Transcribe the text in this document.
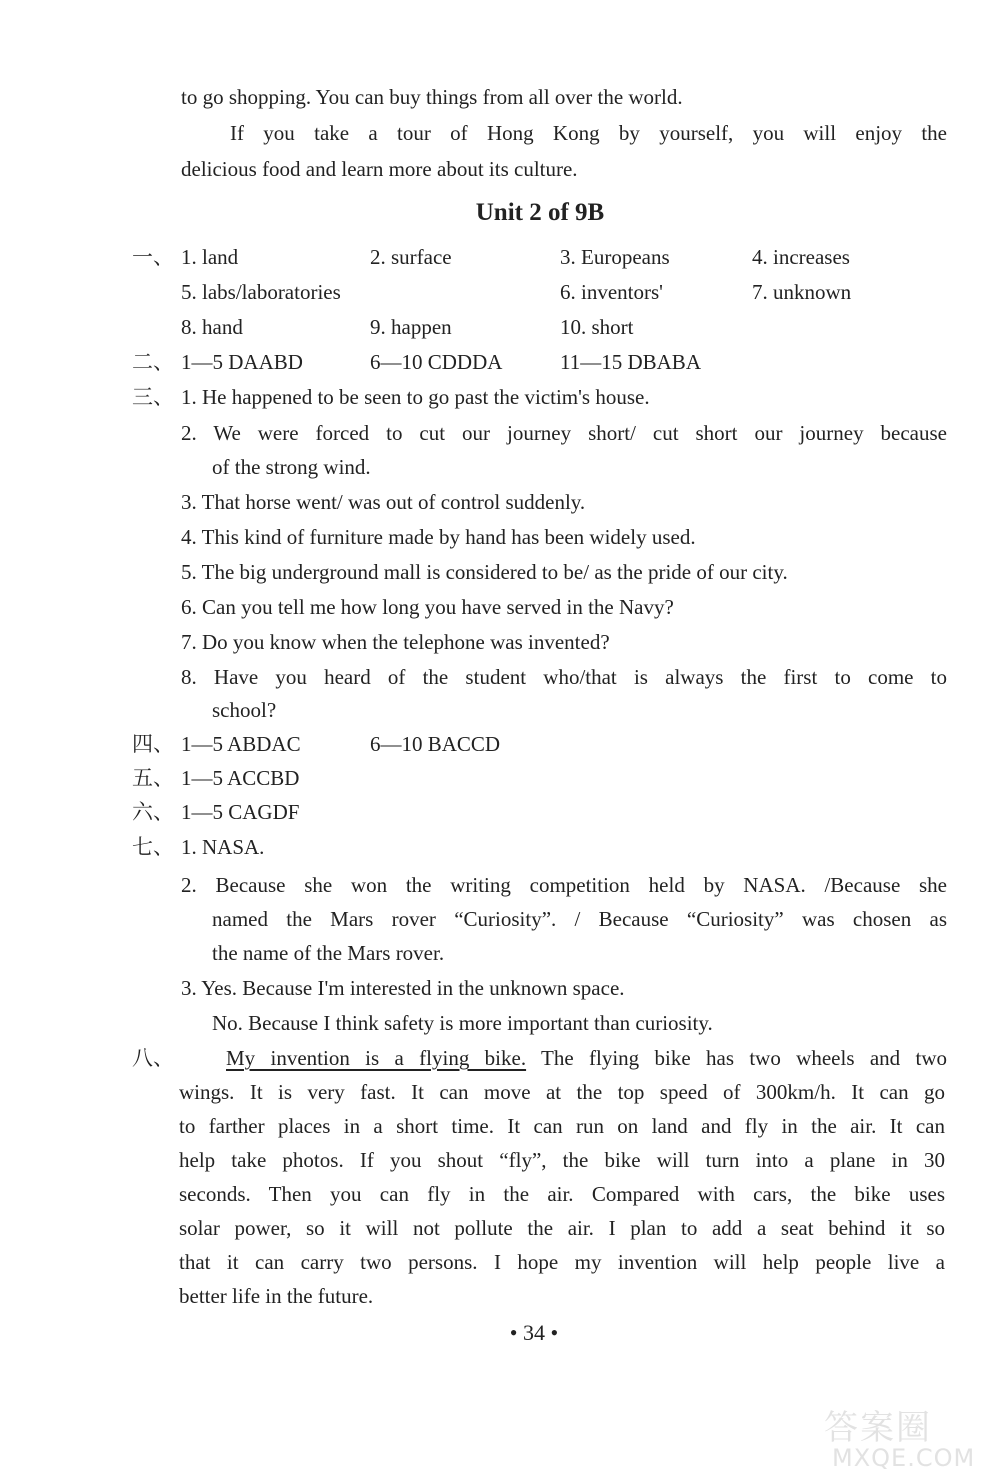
to go shopping. You can buy things from all over the world.
If you take a tour of Hong Kong by yourself, you will enjoy the
delicious food and learn more about its culture.
Unit 2 of 9B
一、 1. land	2. surface	3. Europeans	4. increases
5. labs/laboratories	6. inventors'	7. unknown
8. hand	9. happen	10. short
二、 1—5 DAABD	6—10 CDDDA	11—15 DBABA
三、 1. He happened to be seen to go past the victim's house.
2. We were forced to cut our journey short/ cut short our journey because
of the strong wind.
3. That horse went/ was out of control suddenly.
4. This kind of furniture made by hand has been widely used.
5. The big underground mall is considered to be/ as the pride of our city.
6. Can you tell me how long you have served in the Navy?
7. Do you know when the telephone was invented?
8. Have you heard of the student who/that is always the first to come to
school?
四、 1—5 ABDAC	6—10 BACCD
五、 1—5 ACCBD
六、 1—5 CAGDF
七、 1. NASA.
2. Because she won the writing competition held by NASA. /Because she
named the Mars rover “Curiosity”. / Because “Curiosity” was chosen as
the name of the Mars rover.
3. Yes. Because I'm interested in the unknown space.
No. Because I think safety is more important than curiosity.
八、 My invention is a flying bike. The flying bike has two wheels and two
wings. It is very fast. It can move at the top speed of 300km/h. It can go
to farther places in a short time. It can run on land and fly in the air. It can
help take photos. If you shout “fly”, the bike will turn into a plane in 30
seconds. Then you can fly in the air. Compared with cars, the bike uses
solar power, so it will not pollute the air. I plan to add a seat behind it so
that it can carry two persons. I hope my invention will help people live a
better life in the future.
• 34 •
答案圈
MXQE.COM
